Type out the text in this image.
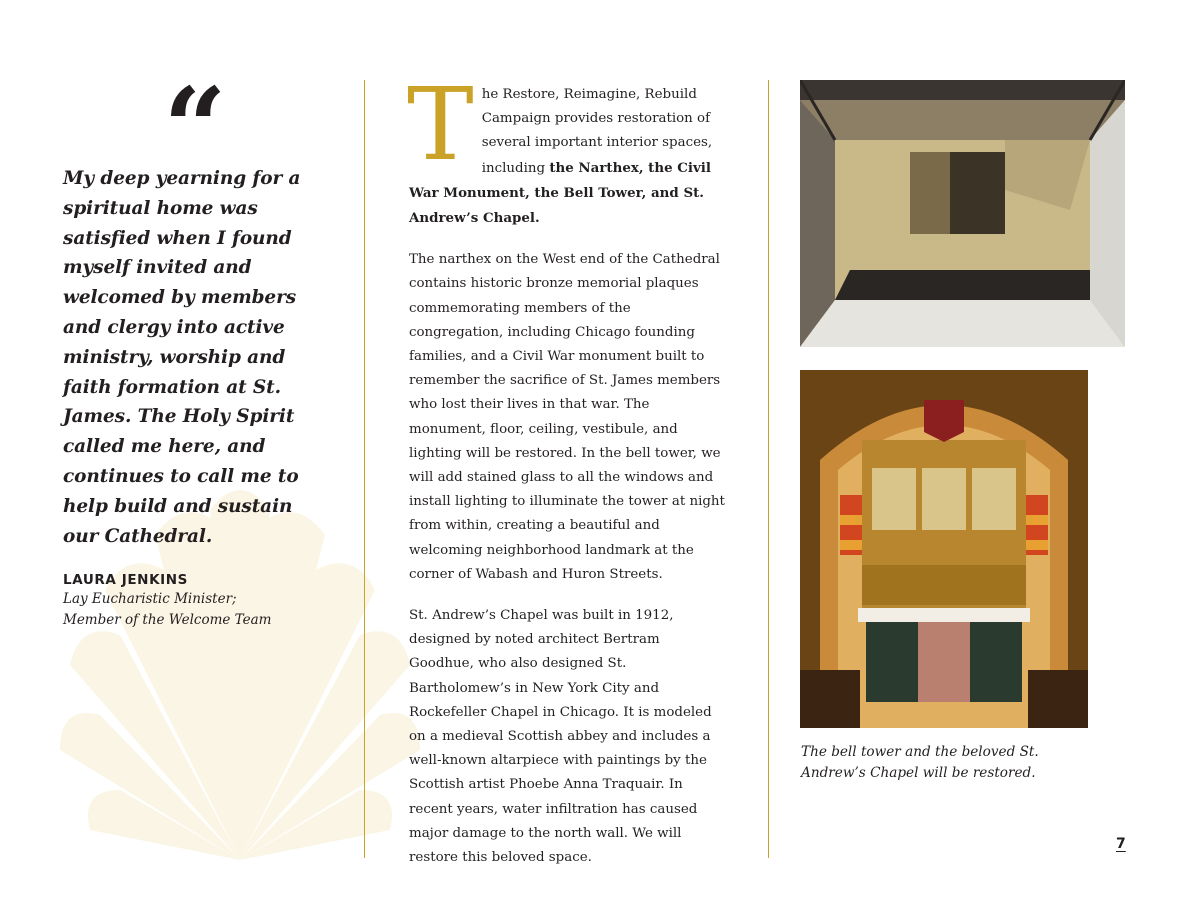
“
My deep yearning for a spiritual home was satisfied when I found myself invited and welcomed by members and clergy into active ministry, worship and faith formation at St. James. The Holy Spirit called me here, and continues to call me to help build and sustain our Cathedral.
LAURA JENKINS
Lay Eucharistic Minister;
Member of the Welcome Team

The Restore, Reimagine, Rebuild Campaign provides restoration of several important interior spaces, including the Narthex, the Civil War Monument, the Bell Tower, and St. Andrew’s Chapel.

The narthex on the West end of the Cathedral contains historic bronze memorial plaques commemorating members of the congregation, including Chicago founding families, and a Civil War monument built to remember the sacrifice of St. James members who lost their lives in that war. The monument, floor, ceiling, vestibule, and lighting will be restored. In the bell tower, we will add stained glass to all the windows and install lighting to illuminate the tower at night from within, creating a beautiful and welcoming neighborhood landmark at the corner of Wabash and Huron Streets.

St. Andrew’s Chapel was built in 1912, designed by noted architect Bertram Goodhue, who also designed St. Bartholomew’s in New York City and Rockefeller Chapel in Chicago. It is modeled on a medieval Scottish abbey and includes a well-known altarpiece with paintings by the Scottish artist Phoebe Anna Traquair. In recent years, water infiltration has caused major damage to the north wall. We will restore this beloved space.

The bell tower and the beloved St. Andrew’s Chapel will be restored.
7
